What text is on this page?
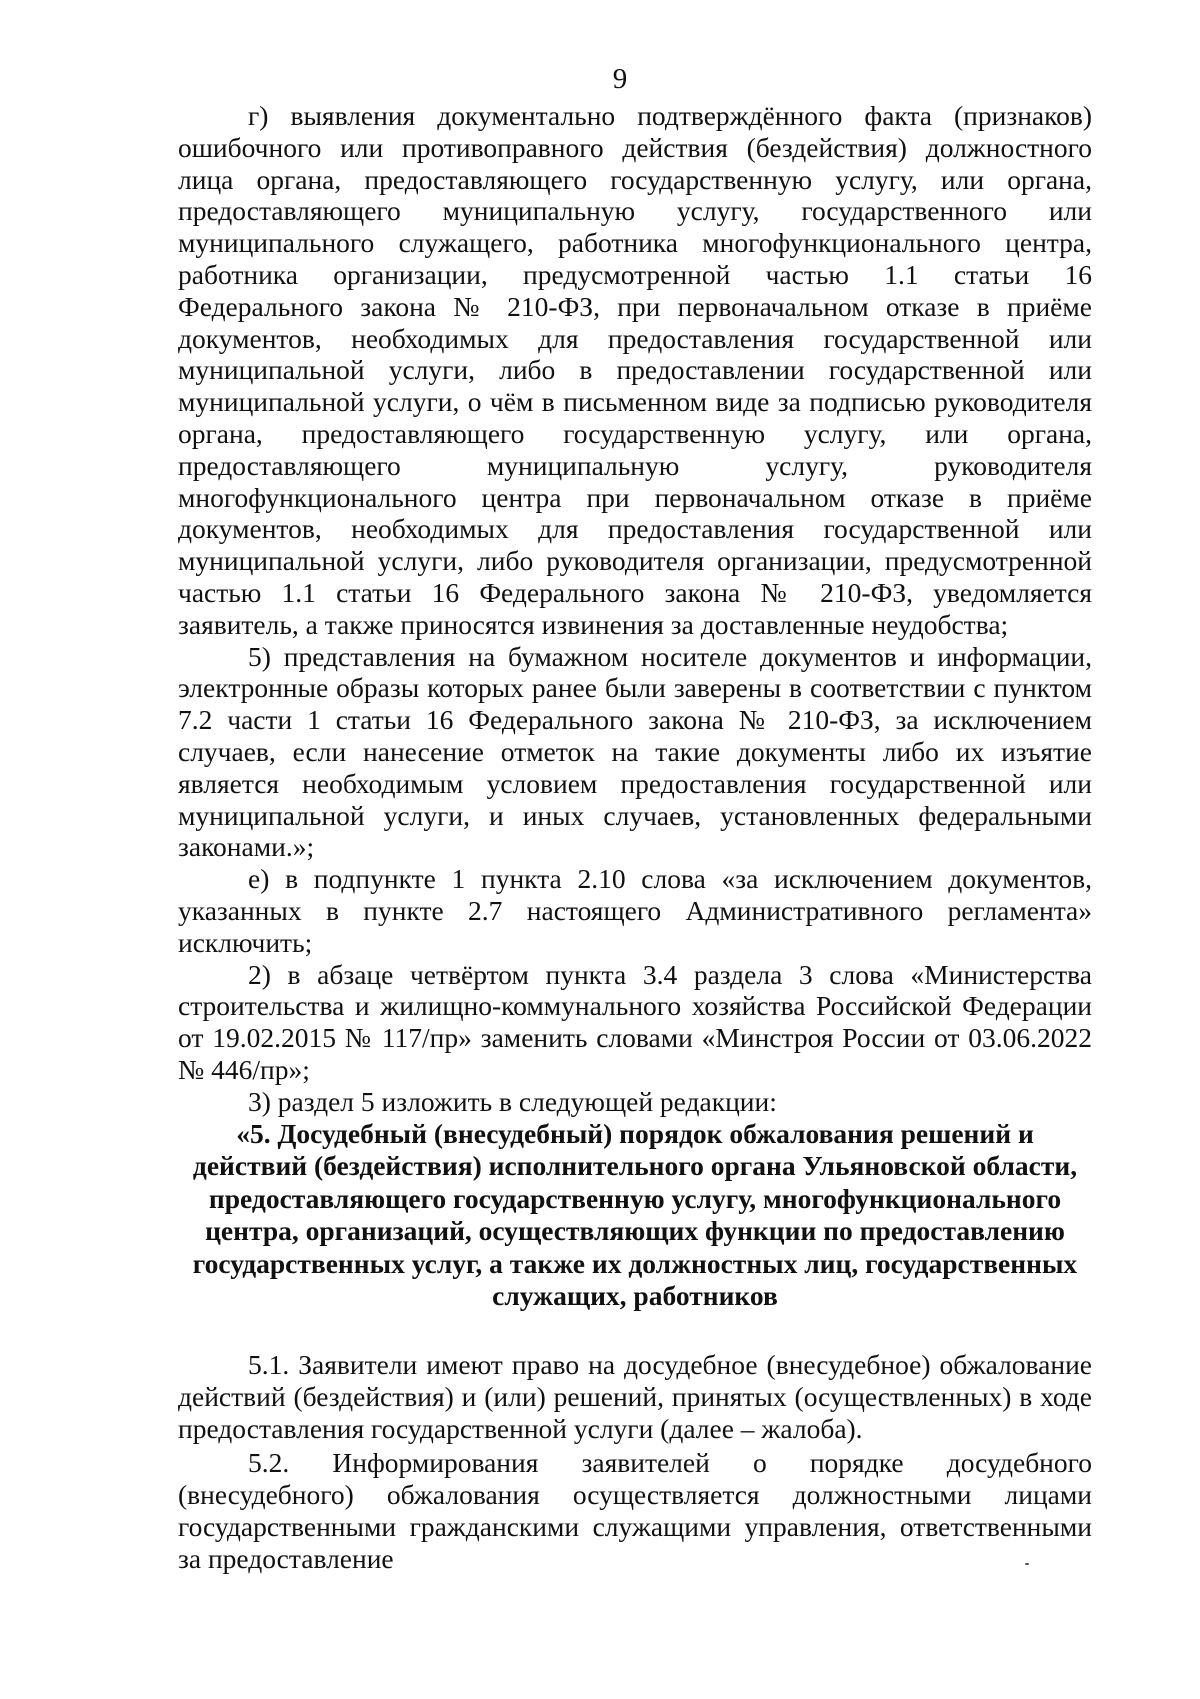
9

г) выявления документально подтверждённого факта (признаков) ошибочного или противоправного действия (бездействия) должностного лица органа, предоставляющего государственную услугу, или органа, предоставляющего муниципальную услугу, государственного или муниципального служащего, работника многофункционального центра, работника организации, предусмотренной частью 1.1 статьи 16 Федерального закона № 210-ФЗ, при первоначальном отказе в приёме документов, необходимых для предоставления государственной или муниципальной услуги, либо в предоставлении государственной или муниципальной услуги, о чём в письменном виде за подписью руководителя органа, предоставляющего государственную услугу, или органа, предоставляющего муниципальную услугу, руководителя многофункционального центра при первоначальном отказе в приёме документов, необходимых для предоставления государственной или муниципальной услуги, либо руководителя организации, предусмотренной частью 1.1 статьи 16 Федерального закона № 210-ФЗ, уведомляется заявитель, а также приносятся извинения за доставленные неудобства;

5) представления на бумажном носителе документов и информации, электронные образы которых ранее были заверены в соответствии с пунктом 7.2 части 1 статьи 16 Федерального закона № 210-ФЗ, за исключением случаев, если нанесение отметок на такие документы либо их изъятие является необходимым условием предоставления государственной или муниципальной услуги, и иных случаев, установленных федеральными законами.»;

е) в подпункте 1 пункта 2.10 слова «за исключением документов, указанных в пункте 2.7 настоящего Административного регламента» исключить;

2) в абзаце четвёртом пункта 3.4 раздела 3 слова «Министерства строительства и жилищно-коммунального хозяйства Российской Федерации от 19.02.2015 № 117/пр» заменить словами «Минстроя России от 03.06.2022 № 446/пр»;

3) раздел 5 изложить в следующей редакции:

«5. Досудебный (внесудебный) порядок обжалования решений и действий (бездействия) исполнительного органа Ульяновской области, предоставляющего государственную услугу, многофункционального центра, организаций, осуществляющих функции по предоставлению государственных услуг, а также их должностных лиц, государственных служащих, работников

5.1. Заявители имеют право на досудебное (внесудебное) обжалование действий (бездействия) и (или) решений, принятых (осуществленных) в ходе предоставления государственной услуги (далее – жалоба).

5.2. Информирования заявителей о порядке досудебного (внесудебного) обжалования осуществляется должностными лицами государственными гражданскими служащими управления, ответственными за предоставление
